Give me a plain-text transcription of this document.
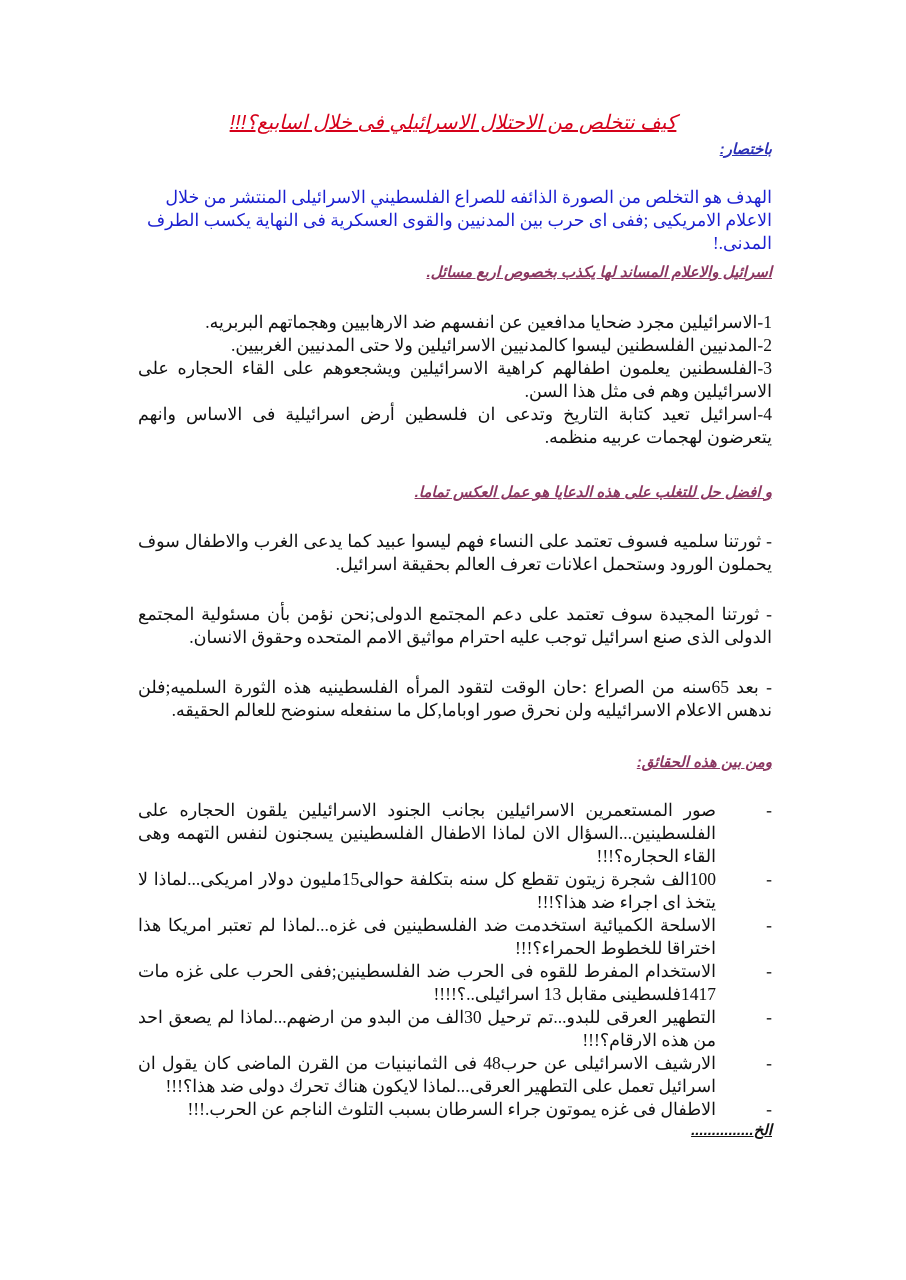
كيف نتخلص من الاحتلال الاسرائيلي فى خلال اسابيع؟!!!
باختصار:
الهدف هو التخلص من الصورة الذائفه للصراع الفلسطيني الاسرائيلى المنتشر من خلال الاعلام الامريكيى ;ففى اى حرب بين المدنيين والقوى العسكرية فى النهاية يكسب الطرف المدنى.!
اسرائيل والاعلام المساند لها يكذب بخصوص اربع مسائل.
1-الاسرائيلين مجرد ضحايا مدافعين عن انفسهم ضد الارهابيين وهجماتهم البربريه.
2-المدنيين الفلسطنين ليسوا كالمدنيين الاسرائيلين ولا حتى المدنيين الغربيين.
3-الفلسطنين يعلمون اطفالهم كراهية الاسرائيلين ويشجعوهم على القاء الحجاره على الاسرائيلين وهم فى مثل هذا السن.
4-اسرائيل تعيد كتابة التاريخ وتدعى ان فلسطين أرض اسرائيلية فى الاساس وانهم يتعرضون لهجمات عربيه منظمه.
و افضل حل للتغلب على هذه الدعايا هو عمل العكس تماما.
- ثورتنا سلميه فسوف تعتمد على النساء فهم ليسوا عبيد كما يدعى الغرب والاطفال سوف يحملون الورود وستحمل اعلانات تعرف العالم بحقيقة اسرائيل.
- ثورتنا المجيدة سوف تعتمد على دعم المجتمع الدولى;نحن نؤمن بأن مسئولية المجتمع الدولى الذى صنع اسرائيل توجب عليه احترام مواثيق الامم المتحده وحقوق الانسان.
- بعد 65سنه من الصراع :حان الوقت لتقود المرأه الفلسطينيه هذه الثورة السلميه;فلن ندهس الاعلام الاسرائيليه ولن نحرق صور اوباما,كل ما سنفعله سنوضح للعالم الحقيقه.
ومن بين هذه الحقائق:
-
صور المستعمرين الاسرائيلين بجانب الجنود الاسرائيلين يلقون الحجاره على الفلسطينين...السؤال الان لماذا الاطفال الفلسطينين يسجنون لنفس التهمه وهى القاء الحجاره؟!!!
-
100الف شجرة زيتون تقطع كل سنه بتكلفة حوالى15مليون دولار امريكى...لماذا لا يتخذ اى اجراء ضد هذا؟!!!
-
الاسلحة الكميائية استخدمت ضد الفلسطينين فى غزه...لماذا لم تعتبر امريكا هذا اختراقا للخطوط الحمراء؟!!!
-
الاستخدام المفرط للقوه فى الحرب ضد الفلسطينين;ففى الحرب على غزه مات 1417فلسطينى مقابل 13 اسرائيلى..؟!!!!
-
التطهير العرقى للبدو...تم ترحيل 30الف من البدو من ارضهم...لماذا لم يصعق احد من هذه الارقام؟!!!
-
الارشيف الاسرائيلى عن حرب48 فى الثمانينيات من القرن الماضى كان يقول ان اسرائيل تعمل على التطهير العرقى...لماذا لايكون هناك تحرك دولى ضد هذا؟!!!
-
الاطفال فى غزه يموتون جراء السرطان بسبب التلوث الناجم عن الحرب.!!!
الخ...............
